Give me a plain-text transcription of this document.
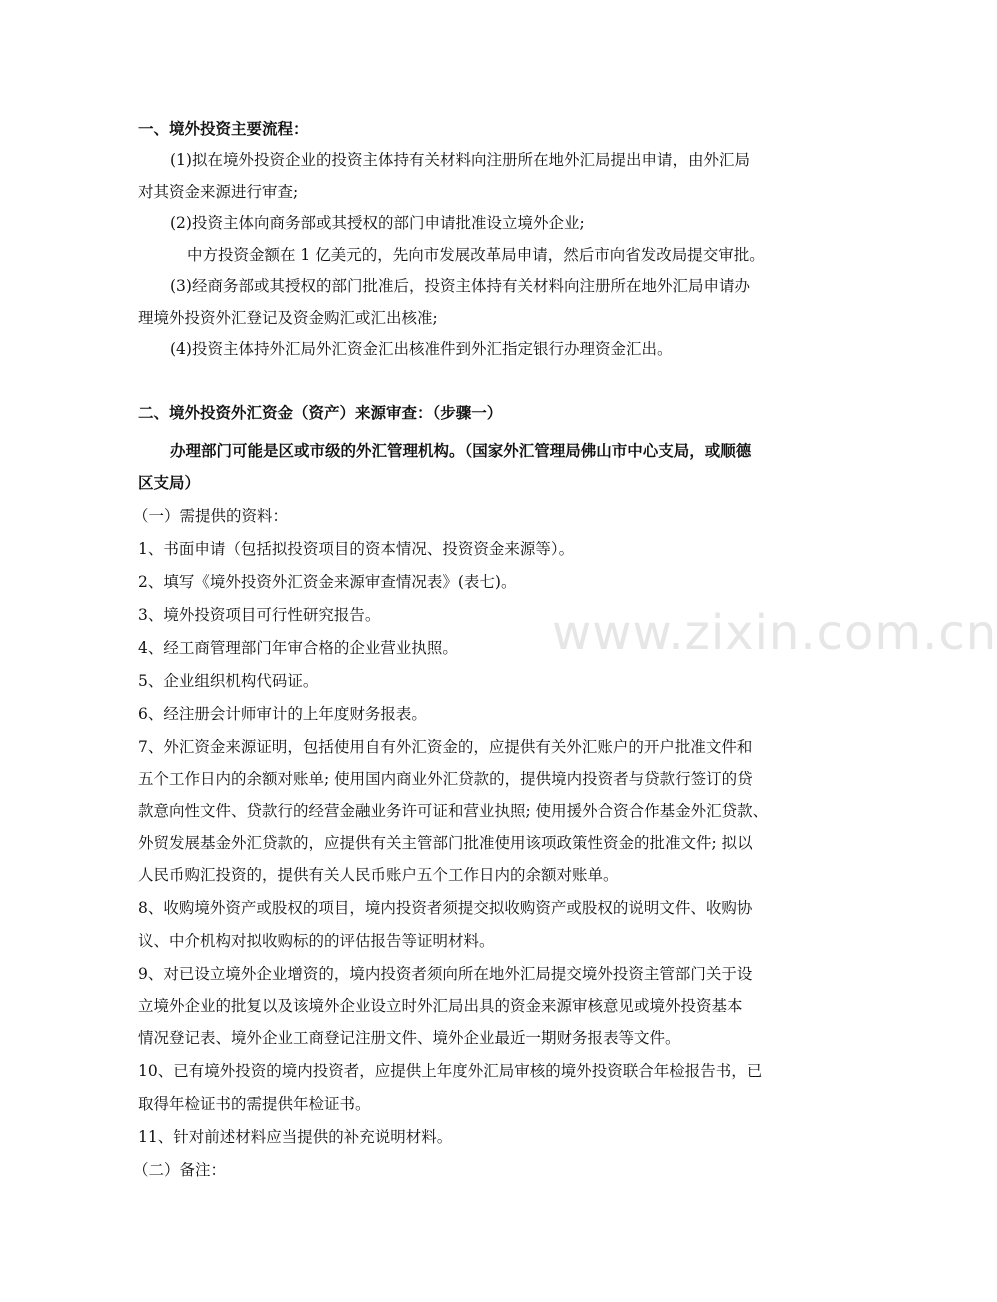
www.zixin.com.cn
一、境外投资主要流程：
(1)拟在境外投资企业的投资主体持有关材料向注册所在地外汇局提出申请，由外汇局
对其资金来源进行审查;
(2)投资主体向商务部或其授权的部门申请批准设立境外企业;
中方投资金额在 1 亿美元的，先向市发展改革局申请，然后市向省发改局提交审批。
(3)经商务部或其授权的部门批准后，投资主体持有关材料向注册所在地外汇局申请办
理境外投资外汇登记及资金购汇或汇出核准;
(4)投资主体持外汇局外汇资金汇出核准件到外汇指定银行办理资金汇出。
二、境外投资外汇资金（资产）来源审查：（步骤一）
办理部门可能是区或市级的外汇管理机构。（国家外汇管理局佛山市中心支局，或顺德
区支局）
（一）需提供的资料：
1、书面申请（包括拟投资项目的资本情况、投资资金来源等）。
2、填写《境外投资外汇资金来源审查情况表》(表七)。
3、境外投资项目可行性研究报告。
4、经工商管理部门年审合格的企业营业执照。
5、企业组织机构代码证。
6、经注册会计师审计的上年度财务报表。
7、外汇资金来源证明，包括使用自有外汇资金的，应提供有关外汇账户的开户批准文件和
五个工作日内的余额对账单; 使用国内商业外汇贷款的，提供境内投资者与贷款行签订的贷
款意向性文件、贷款行的经营金融业务许可证和营业执照; 使用援外合资合作基金外汇贷款、
外贸发展基金外汇贷款的，应提供有关主管部门批准使用该项政策性资金的批准文件; 拟以
人民币购汇投资的，提供有关人民币账户五个工作日内的余额对账单。
8、收购境外资产或股权的项目，境内投资者须提交拟收购资产或股权的说明文件、收购协
议、中介机构对拟收购标的的评估报告等证明材料。
9、对已设立境外企业增资的，境内投资者须向所在地外汇局提交境外投资主管部门关于设
立境外企业的批复以及该境外企业设立时外汇局出具的资金来源审核意见或境外投资基本
情况登记表、境外企业工商登记注册文件、境外企业最近一期财务报表等文件。
10、已有境外投资的境内投资者，应提供上年度外汇局审核的境外投资联合年检报告书，已
取得年检证书的需提供年检证书。
11、针对前述材料应当提供的补充说明材料。
（二）备注：
